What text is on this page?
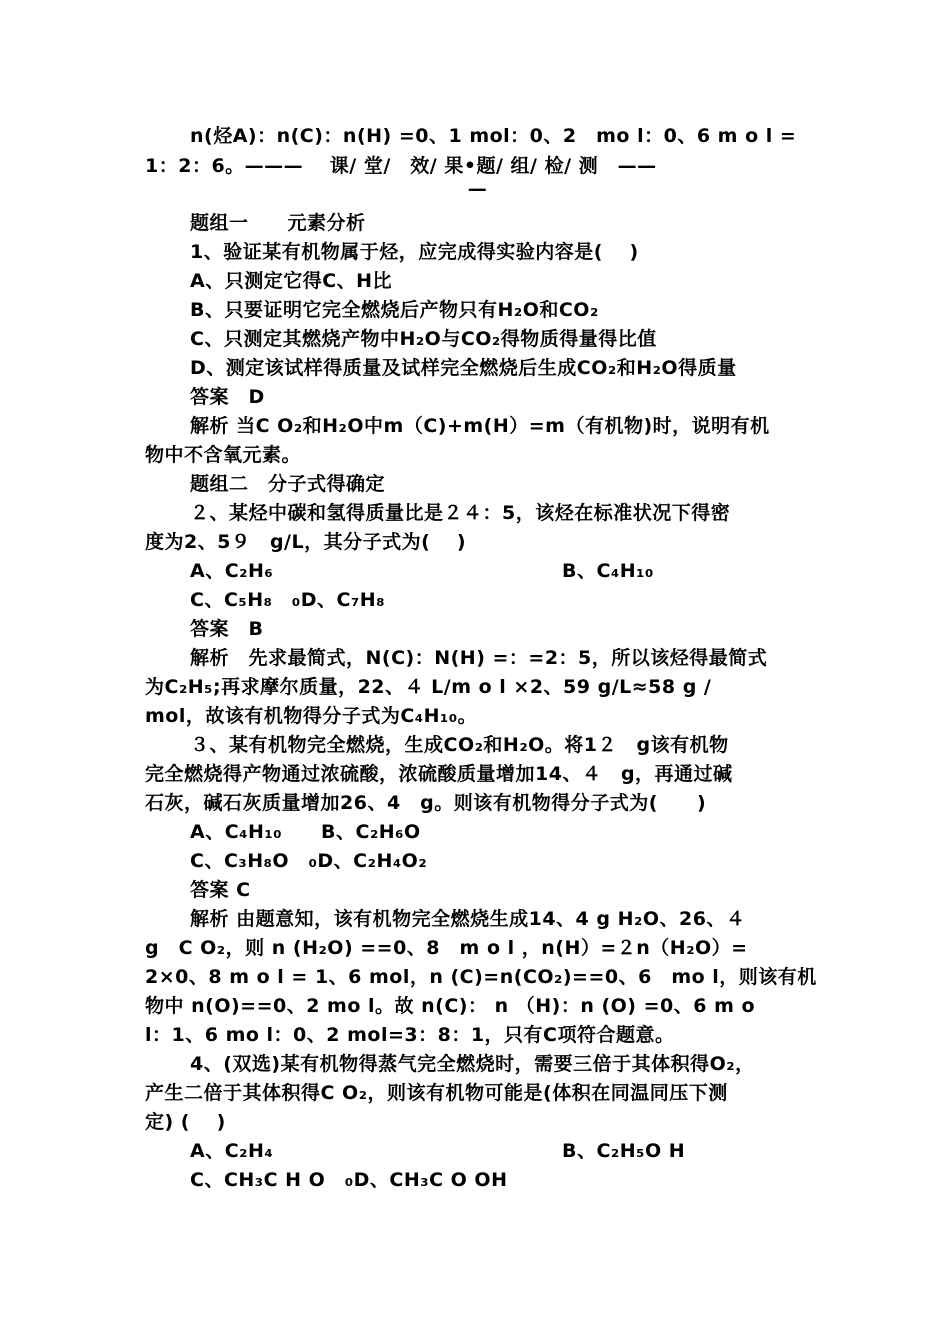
n(烃A)：n(C)：n(H) =0、1 mol：0、2　mo l：0、6 m o l =
1：2：6。———　 课/ 堂/　效/ 果•题/ 组/ 检/ 测　——
—
题组一　　元素分析
1、验证某有机物属于烃，应完成得实验内容是(　 )
A、只测定它得C、H比
B、只要证明它完全燃烧后产物只有H₂O和CO₂
C、只测定其燃烧产物中H₂O与CO₂得物质得量得比值
D、测定该试样得质量及试样完全燃烧后生成CO₂和H₂O得质量
答案　D
解析 当C O₂和H₂O中m（C)+m(H）=m（有机物)时，说明有机
物中不含氧元素。
题组二　分子式得确定
２、某烃中碳和氢得质量比是２４：5，该烃在标准状况下得密
度为2、5９　g/L，其分子式为(　 )
A、C₂H₆	B、C₄H₁₀
C、C₅H₈　₀D、C₇H₈
答案　B
解析　先求最简式，N(C)：N(H) =：=2：5，所以该烃得最简式
为C₂H₅;再求摩尔质量，22、４ L/m o l ×2、59 g/L≈58 g /
mol，故该有机物得分子式为C₄H₁₀。
３、某有机物完全燃烧，生成CO₂和H₂O。将1２　g该有机物
完全燃烧得产物通过浓硫酸，浓硫酸质量增加14、４　g，再通过碱
石灰，碱石灰质量增加26、4　g。则该有机物得分子式为(　　)
A、C₄H₁₀　　B、C₂H₆O
C、C₃H₈O　₀D、C₂H₄O₂
答案 C
解析 由题意知，该有机物完全燃烧生成14、4 g H₂O、26、４
g　C O₂，则 n (H₂O) ==0、8　m o l ，n(H）=２n（H₂O）=
2×0、8 m o l = 1、6 mol，n (C)=n(CO₂)==0、6　mo l，则该有机
物中 n(O)==0、2 mo l。故 n(C)： n （H)：n (O) =0、6 m o
l：1、6 mo l：0、2 mol=3：8：1，只有C项符合题意。
4、(双选)某有机物得蒸气完全燃烧时，需要三倍于其体积得O₂，
产生二倍于其体积得C O₂，则该有机物可能是(体积在同温同压下测
定) (　 )
A、C₂H₄	B、C₂H₅O H
C、CH₃C H O　₀D、CH₃C O OH
